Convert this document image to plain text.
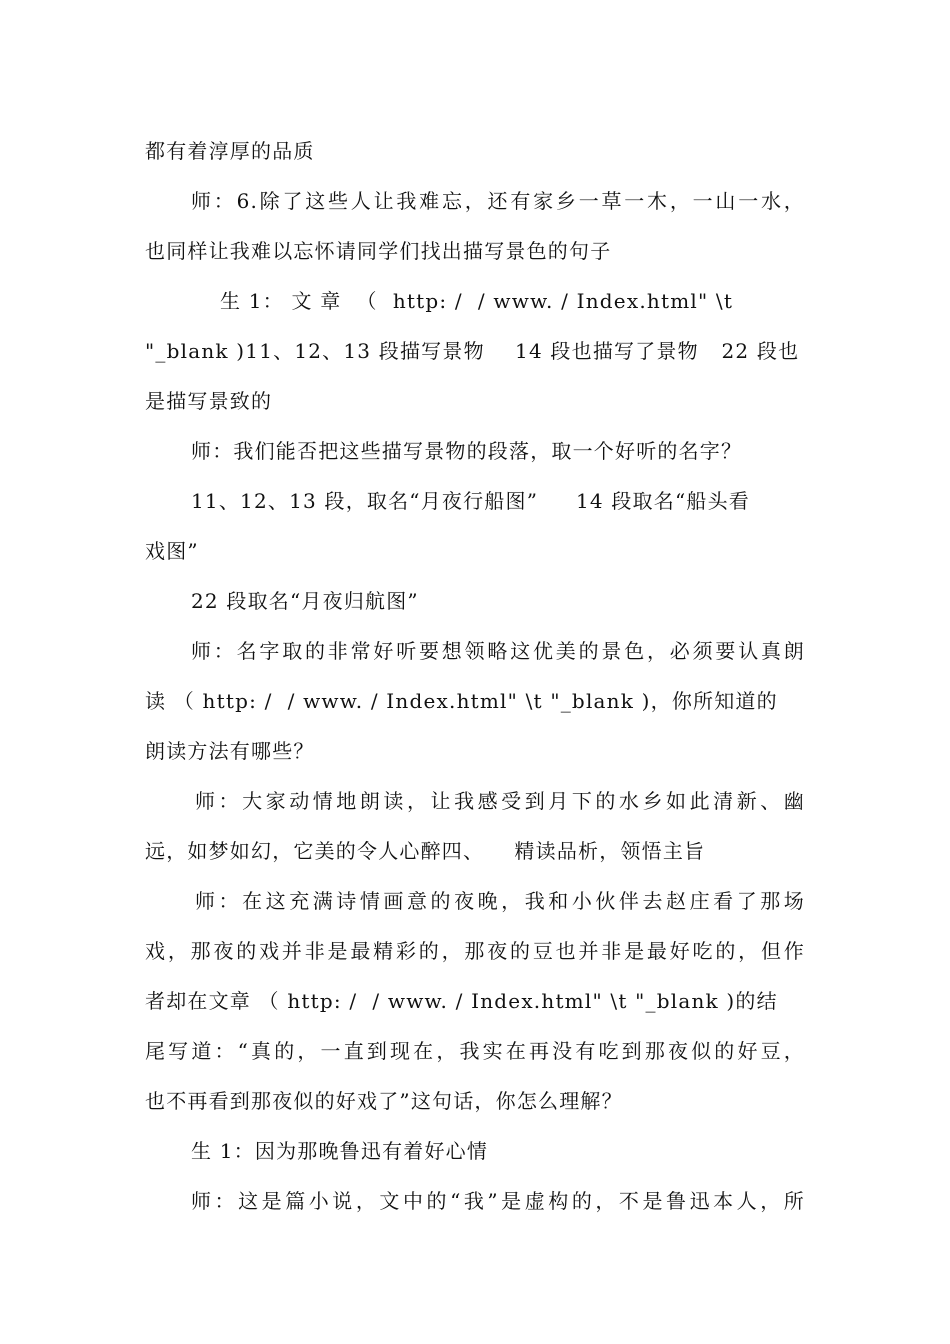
都有着淳厚的品质
师：6.除了这些人让我难忘，还有家乡一草一木，一山一水，
也同样让我难以忘怀请同学们找出描写景色的句子
生 1： 文 章  （  http: /  / www. / Index.html" \t
"_blank )11、12、13 段描写景物    14 段也描写了景物   22 段也
是描写景致的
师：我们能否把这些描写景物的段落，取一个好听的名字？
11、12、13 段，取名“月夜行船图”     14 段取名“船头看
戏图”
22 段取名“月夜归航图”
师：名字取的非常好听要想领略这优美的景色，必须要认真朗
读 （ http: /  / www. / Index.html" \t "_blank )，你所知道的
朗读方法有哪些？
师：大家动情地朗读，让我感受到月下的水乡如此清新、幽
远，如梦如幻，它美的令人心醉四、    精读品析，领悟主旨
师：在这充满诗情画意的夜晚，我和小伙伴去赵庄看了那场
戏，那夜的戏并非是最精彩的，那夜的豆也并非是最好吃的，但作
者却在文章 （ http: /  / www. / Index.html" \t "_blank )的结
尾写道：“真的，一直到现在，我实在再没有吃到那夜似的好豆，
也不再看到那夜似的好戏了”这句话，你怎么理解？
生 1：因为那晚鲁迅有着好心情
师：这是篇小说，文中的“我”是虚构的，不是鲁迅本人，所
